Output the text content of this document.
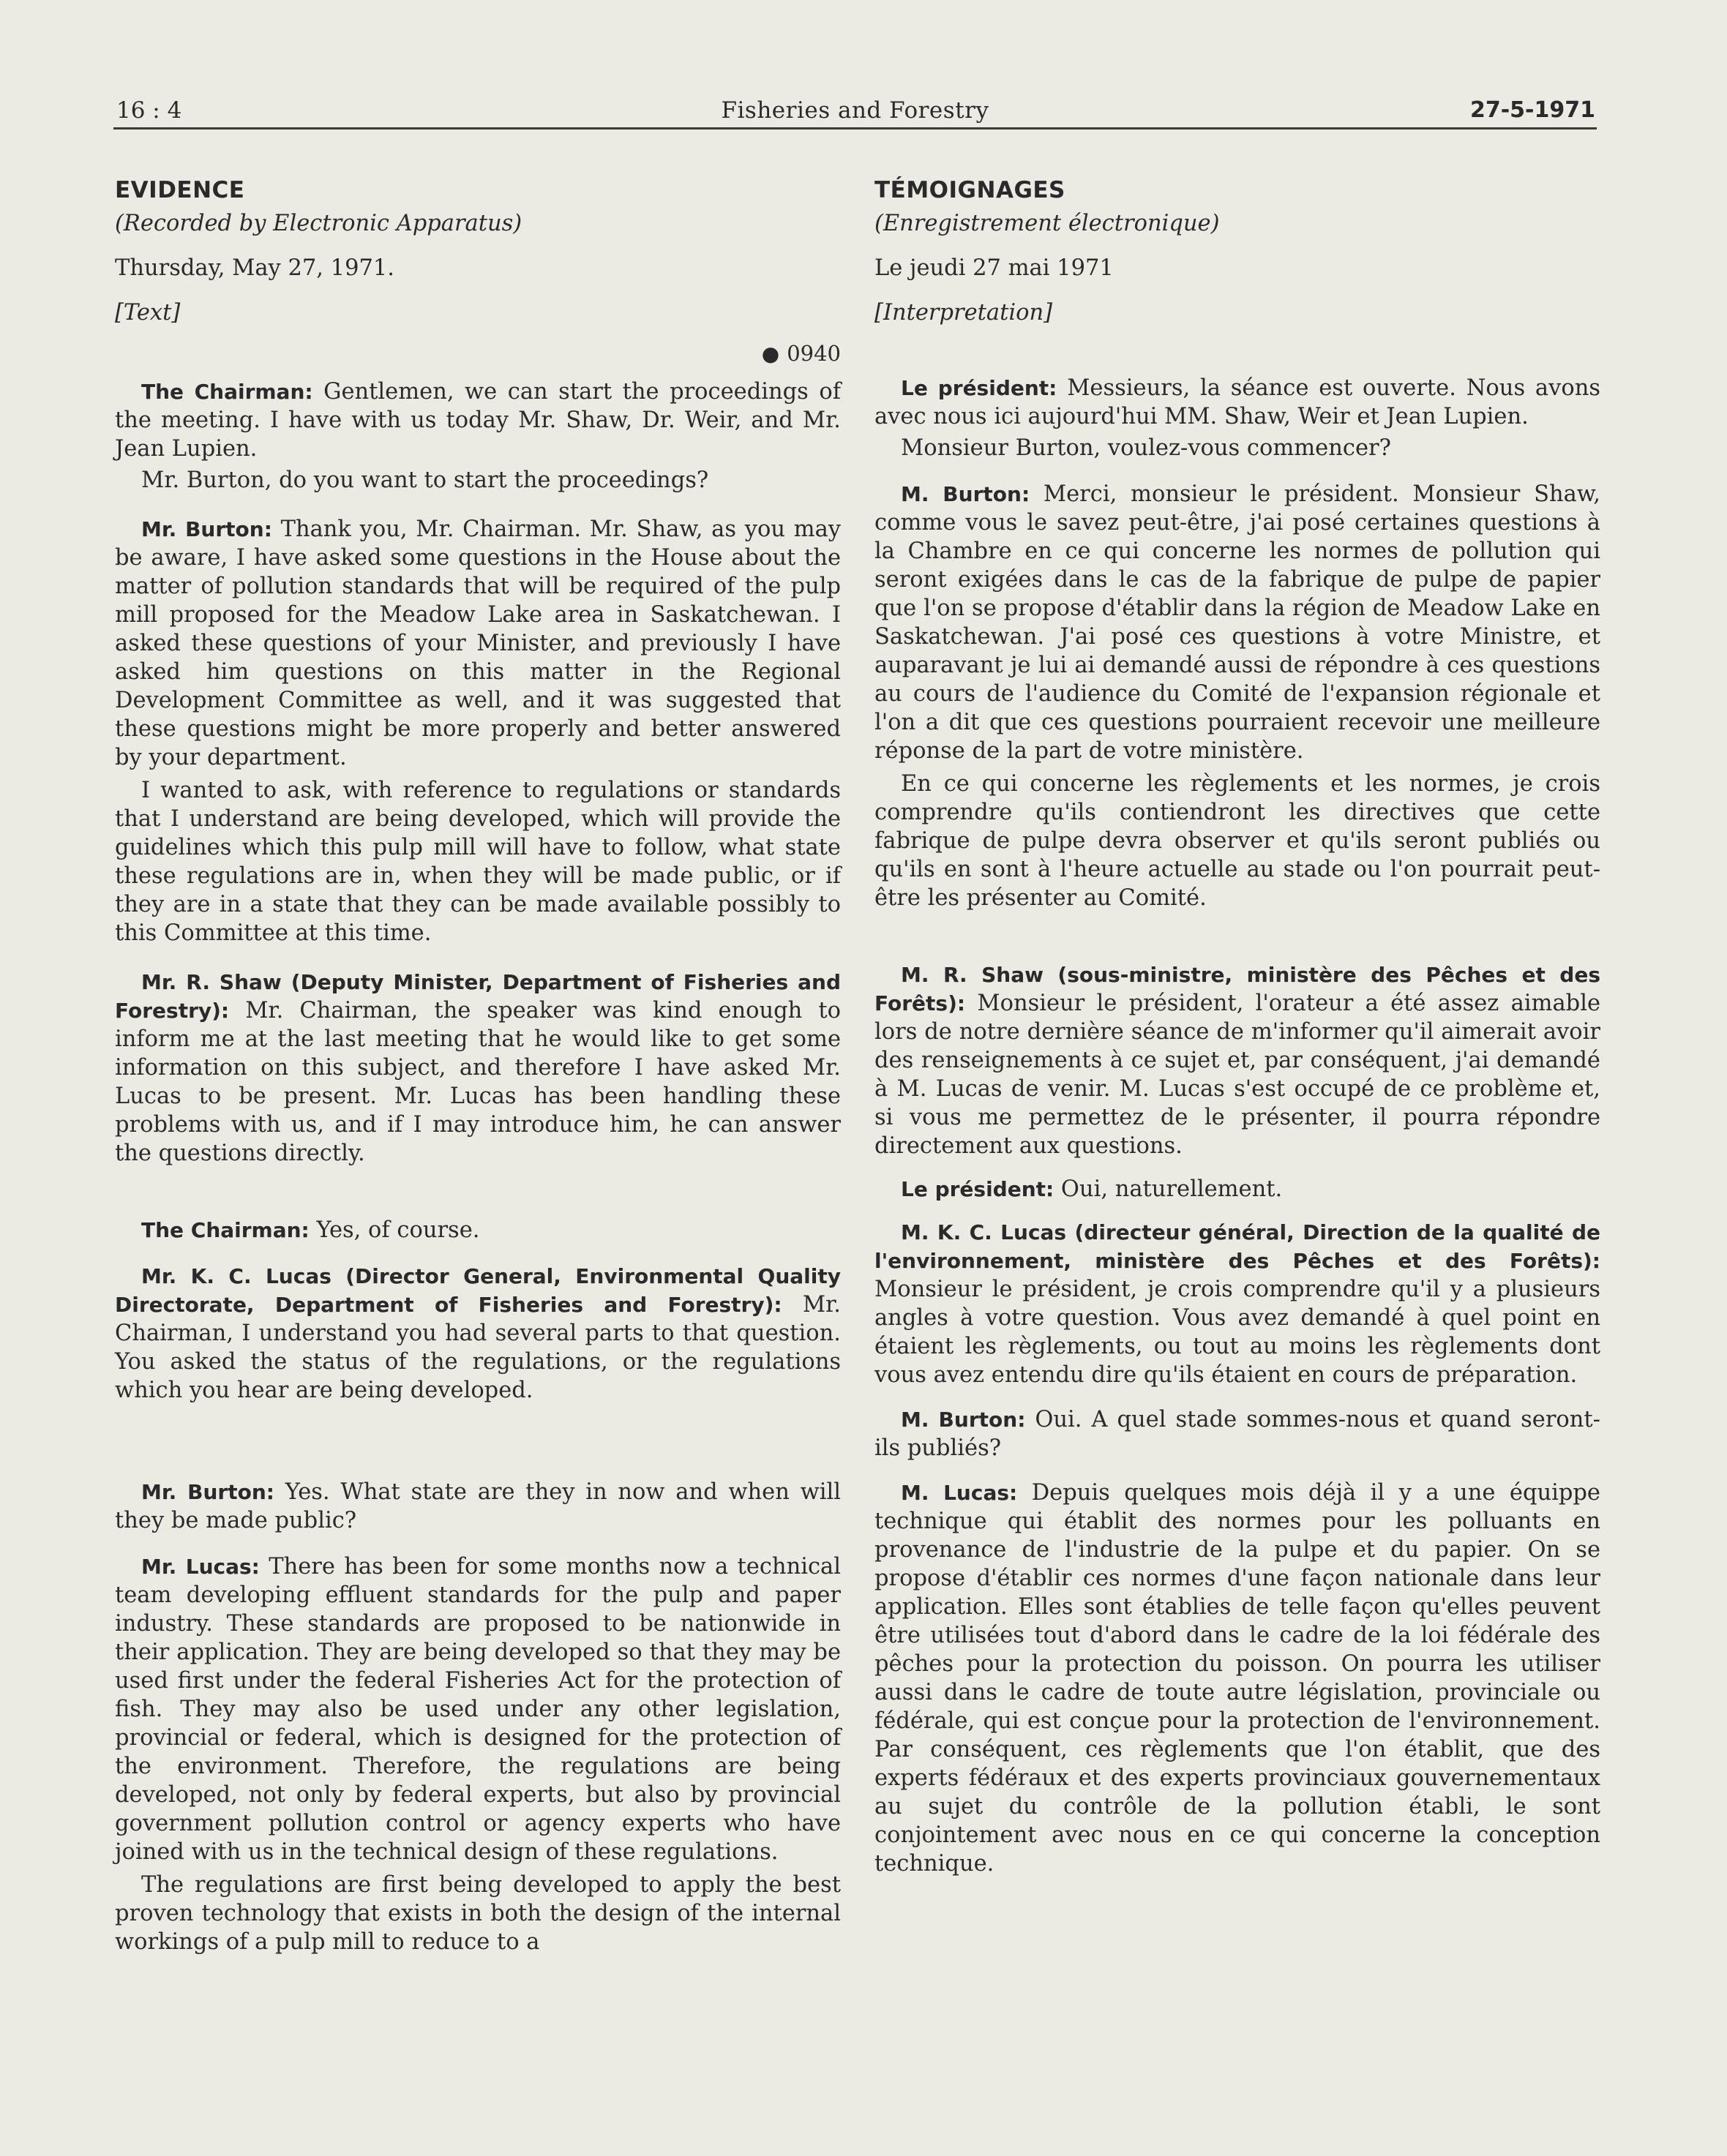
16 : 4	Fisheries and Forestry	27-5-1971
EVIDENCE
(Recorded by Electronic Apparatus)
Thursday, May 27, 1971.
[Text]
● 0940

The Chairman: Gentlemen, we can start the proceedings of the meeting. I have with us today Mr. Shaw, Dr. Weir, and Mr. Jean Lupien.

Mr. Burton, do you want to start the proceedings?

Mr. Burton: Thank you, Mr. Chairman. Mr. Shaw, as you may be aware, I have asked some questions in the House about the matter of pollution standards that will be required of the pulp mill proposed for the Meadow Lake area in Saskatchewan. I asked these questions of your Minister, and previously I have asked him questions on this matter in the Regional Development Committee as well, and it was suggested that these questions might be more properly and better answered by your department.

I wanted to ask, with reference to regulations or standards that I understand are being developed, which will provide the guidelines which this pulp mill will have to follow, what state these regulations are in, when they will be made public, or if they are in a state that they can be made available possibly to this Committee at this time.

Mr. R. Shaw (Deputy Minister, Department of Fisheries and Forestry): Mr. Chairman, the speaker was kind enough to inform me at the last meeting that he would like to get some information on this subject, and therefore I have asked Mr. Lucas to be present. Mr. Lucas has been handling these problems with us, and if I may introduce him, he can answer the questions directly.

The Chairman: Yes, of course.

Mr. K. C. Lucas (Director General, Environmental Quality Directorate, Department of Fisheries and Forestry): Mr. Chairman, I understand you had several parts to that question. You asked the status of the regulations, or the regulations which you hear are being developed.

Mr. Burton: Yes. What state are they in now and when will they be made public?

Mr. Lucas: There has been for some months now a technical team developing effluent standards for the pulp and paper industry. These standards are proposed to be nationwide in their application. They are being developed so that they may be used first under the federal Fisheries Act for the protection of fish. They may also be used under any other legislation, provincial or federal, which is designed for the protection of the environment. Therefore, the regulations are being developed, not only by federal experts, but also by provincial government pollution control or agency experts who have joined with us in the technical design of these regulations.

The regulations are first being developed to apply the best proven technology that exists in both the design of the internal workings of a pulp mill to reduce to a

TÉMOIGNAGES
(Enregistrement électronique)
Le jeudi 27 mai 1971
[Interpretation]

Le président: Messieurs, la séance est ouverte. Nous avons avec nous ici aujourd'hui MM. Shaw, Weir et Jean Lupien.

Monsieur Burton, voulez-vous commencer?

M. Burton: Merci, monsieur le président. Monsieur Shaw, comme vous le savez peut-être, j'ai posé certaines questions à la Chambre en ce qui concerne les normes de pollution qui seront exigées dans le cas de la fabrique de pulpe de papier que l'on se propose d'établir dans la région de Meadow Lake en Saskatchewan. J'ai posé ces questions à votre Ministre, et auparavant je lui ai demandé aussi de répondre à ces questions au cours de l'audience du Comité de l'expansion régionale et l'on a dit que ces questions pourraient recevoir une meilleure réponse de la part de votre ministère.

En ce qui concerne les règlements et les normes, je crois comprendre qu'ils contiendront les directives que cette fabrique de pulpe devra observer et qu'ils seront publiés ou qu'ils en sont à l'heure actuelle au stade ou l'on pourrait peut-être les présenter au Comité.

M. R. Shaw (sous-ministre, ministère des Pêches et des Forêts): Monsieur le président, l'orateur a été assez aimable lors de notre dernière séance de m'informer qu'il aimerait avoir des renseignements à ce sujet et, par conséquent, j'ai demandé à M. Lucas de venir. M. Lucas s'est occupé de ce problème et, si vous me permettez de le présenter, il pourra répondre directement aux questions.

Le président: Oui, naturellement.

M. K. C. Lucas (directeur général, Direction de la qualité de l'environnement, ministère des Pêches et des Forêts): Monsieur le président, je crois comprendre qu'il y a plusieurs angles à votre question. Vous avez demandé à quel point en étaient les règlements, ou tout au moins les règlements dont vous avez entendu dire qu'ils étaient en cours de préparation.

M. Burton: Oui. A quel stade sommes-nous et quand seront-ils publiés?

M. Lucas: Depuis quelques mois déjà il y a une équippe technique qui établit des normes pour les polluants en provenance de l'industrie de la pulpe et du papier. On se propose d'établir ces normes d'une façon nationale dans leur application. Elles sont établies de telle façon qu'elles peuvent être utilisées tout d'abord dans le cadre de la loi fédérale des pêches pour la protection du poisson. On pourra les utiliser aussi dans le cadre de toute autre législation, provinciale ou fédérale, qui est conçue pour la protection de l'environnement. Par conséquent, ces règlements que l'on établit, que des experts fédéraux et des experts provinciaux gouvernementaux au sujet du contrôle de la pollution établi, le sont conjointement avec nous en ce qui concerne la conception technique.
